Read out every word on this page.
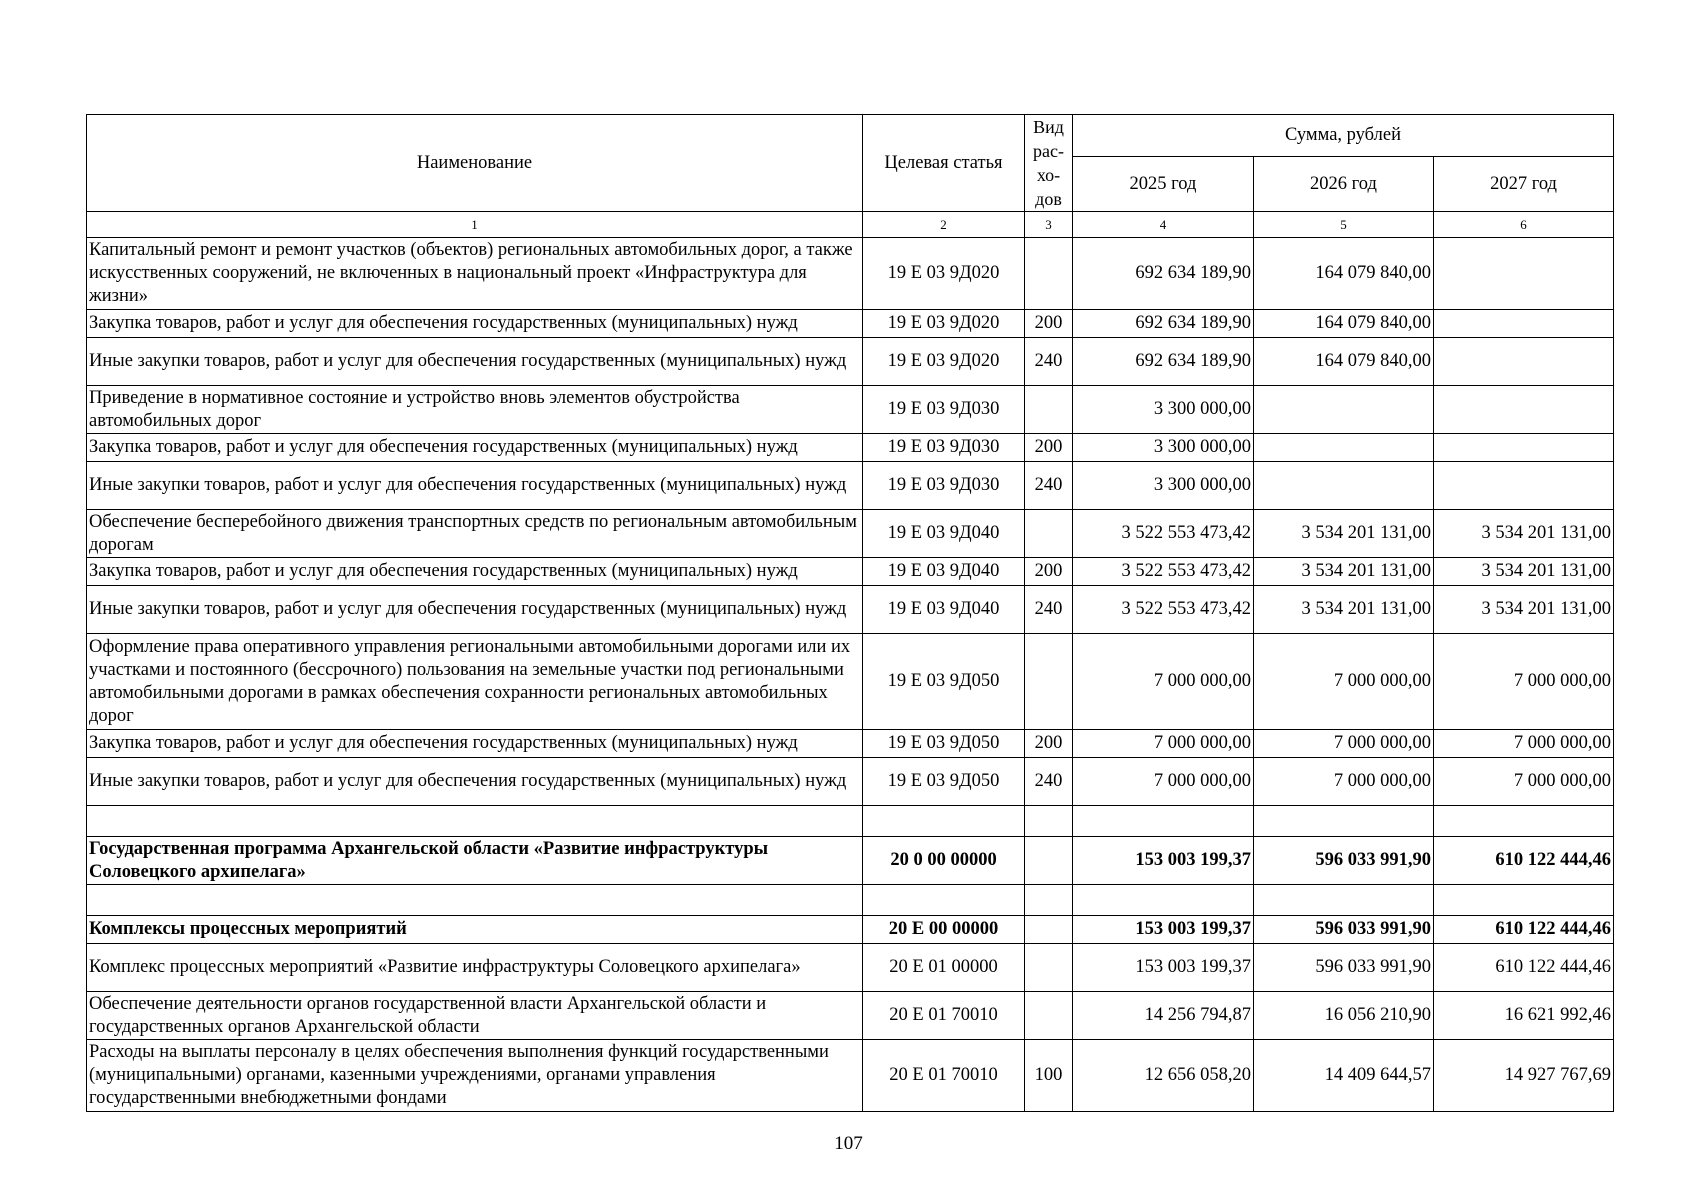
Наименование	Целевая статья	Вид рас-хо-дов	Сумма, рублей		
			2025 год	2026 год	2027 год
1	2	3	4	5	6
Капитальный ремонт и ремонт участков (объектов) региональных автомобильных дорог, а также искусственных сооружений, не включенных в национальный проект «Инфраструктура для жизни»	19 Е 03 9Д020		692 634 189,90	164 079 840,00	
Закупка товаров, работ и услуг для обеспечения государственных (муниципальных) нужд	19 Е 03 9Д020	200	692 634 189,90	164 079 840,00	
Иные закупки товаров, работ и услуг для обеспечения государственных (муниципальных) нужд	19 Е 03 9Д020	240	692 634 189,90	164 079 840,00	
Приведение в нормативное состояние и устройство вновь элементов обустройства автомобильных дорог	19 Е 03 9Д030		3 300 000,00		
Закупка товаров, работ и услуг для обеспечения государственных (муниципальных) нужд	19 Е 03 9Д030	200	3 300 000,00		
Иные закупки товаров, работ и услуг для обеспечения государственных (муниципальных) нужд	19 Е 03 9Д030	240	3 300 000,00		
Обеспечение бесперебойного движения транспортных средств по региональным автомобильным дорогам	19 Е 03 9Д040		3 522 553 473,42	3 534 201 131,00	3 534 201 131,00
Закупка товаров, работ и услуг для обеспечения государственных (муниципальных) нужд	19 Е 03 9Д040	200	3 522 553 473,42	3 534 201 131,00	3 534 201 131,00
Иные закупки товаров, работ и услуг для обеспечения государственных (муниципальных) нужд	19 Е 03 9Д040	240	3 522 553 473,42	3 534 201 131,00	3 534 201 131,00
Оформление права оперативного управления региональными автомобильными дорогами или их участками и постоянного (бессрочного) пользования на земельные участки под региональными автомобильными дорогами в рамках обеспечения сохранности региональных автомобильных дорог	19 Е 03 9Д050		7 000 000,00	7 000 000,00	7 000 000,00
Закупка товаров, работ и услуг для обеспечения государственных (муниципальных) нужд	19 Е 03 9Д050	200	7 000 000,00	7 000 000,00	7 000 000,00
Иные закупки товаров, работ и услуг для обеспечения государственных (муниципальных) нужд	19 Е 03 9Д050	240	7 000 000,00	7 000 000,00	7 000 000,00

Государственная программа Архангельской области «Развитие инфраструктуры Соловецкого архипелага»	20 0 00 00000		153 003 199,37	596 033 991,90	610 122 444,46

Комплексы процессных мероприятий	20 Е 00 00000		153 003 199,37	596 033 991,90	610 122 444,46
Комплекс процессных мероприятий «Развитие инфраструктуры Соловецкого архипелага»	20 Е 01 00000		153 003 199,37	596 033 991,90	610 122 444,46
Обеспечение деятельности органов государственной власти Архангельской области и государственных органов Архангельской области	20 Е 01 70010		14 256 794,87	16 056 210,90	16 621 992,46
Расходы на выплаты персоналу в целях обеспечения выполнения функций государственными (муниципальными) органами, казенными учреждениями, органами управления государственными внебюджетными фондами	20 Е 01 70010	100	12 656 058,20	14 409 644,57	14 927 767,69
107
